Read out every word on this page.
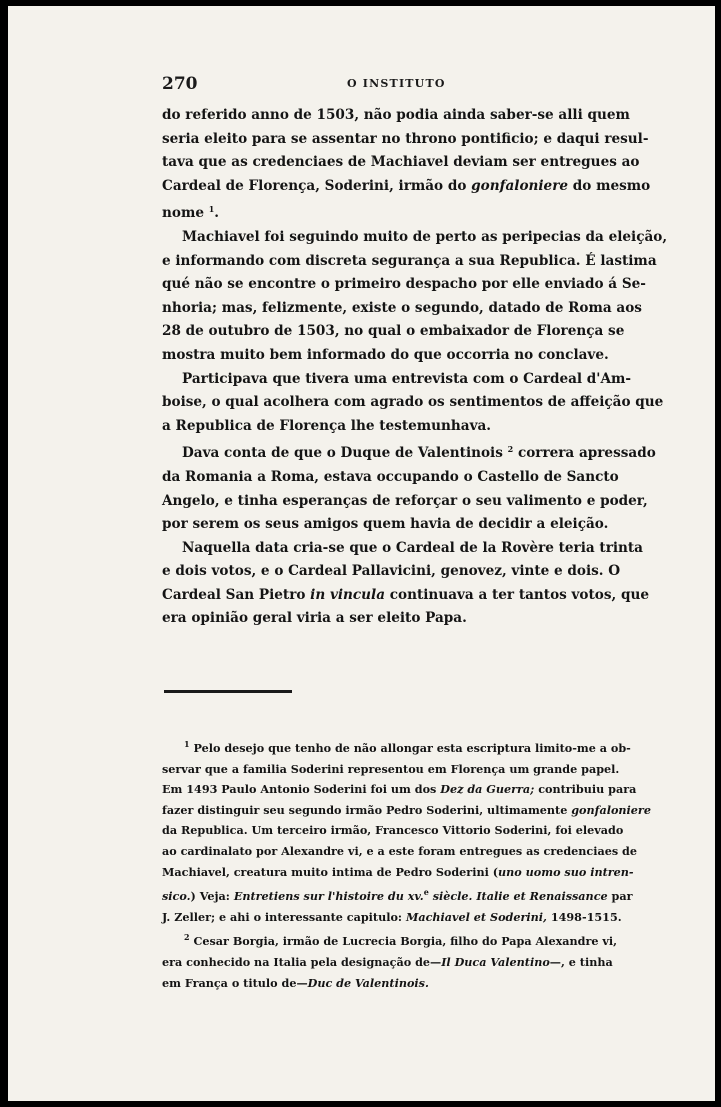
270	O INSTITUTO
do referido anno de 1503, não podia ainda saber-se alli quem
seria eleito para se assentar no throno pontificio; e daqui resul-
tava que as credenciaes de Machiavel deviam ser entregues ao
Cardeal de Florença, Soderini, irmão do gonfaloniere do mesmo
nome $^1$.
Machiavel foi seguindo muito de perto as peripecias da eleição,
e informando com discreta segurança a sua Republica. É lastima
qué não se encontre o primeiro despacho por elle enviado á Se-
nhoria; mas, felizmente, existe o segundo, datado de Roma aos
28 de outubro de 1503, no qual o embaixador de Florença se
mostra muito bem informado do que occorria no conclave.
Participava que tivera uma entrevista com o Cardeal d'Am-
boise, o qual acolhera com agrado os sentimentos de affeição que
a Republica de Florença lhe testemunhava.
Dava conta de que o Duque de Valentinois $^2$ correra apressado
da Romania a Roma, estava occupando o Castello de Sancto
Angelo, e tinha esperanças de reforçar o seu valimento e poder,
por serem os seus amigos quem havia de decidir a eleição.
Naquella data cria-se que o Cardeal de la Rovère teria trinta
e dois votos, e o Cardeal Pallavicini, genovez, vinte e dois. O
Cardeal San Pietro in vincula continuava a ter tantos votos, que
era opinião geral viria a ser eleito Papa.
$^1$ Pelo desejo que tenho de não allongar esta escriptura limito-me a ob-
servar que a familia Soderini representou em Florença um grande papel.
Em 1493 Paulo Antonio Soderini foi um dos Dez da Guerra; contribuiu para
fazer distinguir seu segundo irmão Pedro Soderini, ultimamente gonfaloniere
da Republica. Um terceiro irmão, Francesco Vittorio Soderini, foi elevado
ao cardinalato por Alexandre vi, e a este foram entregues as credenciaes de
Machiavel, creatura muito intima de Pedro Soderini (uno uomo suo intren-
sico.) Veja: Entretiens sur l'histoire du xv.$^e$ siècle. Italie et Renaissance par
J. Zeller; e ahi o interessante capitulo: Machiavel et Soderini, 1498-1515.
$^2$ Cesar Borgia, irmão de Lucrecia Borgia, filho do Papa Alexandre vi,
era conhecido na Italia pela designação de—Il Duca Valentino—, e tinha
em França o titulo de—Duc de Valentinois.
